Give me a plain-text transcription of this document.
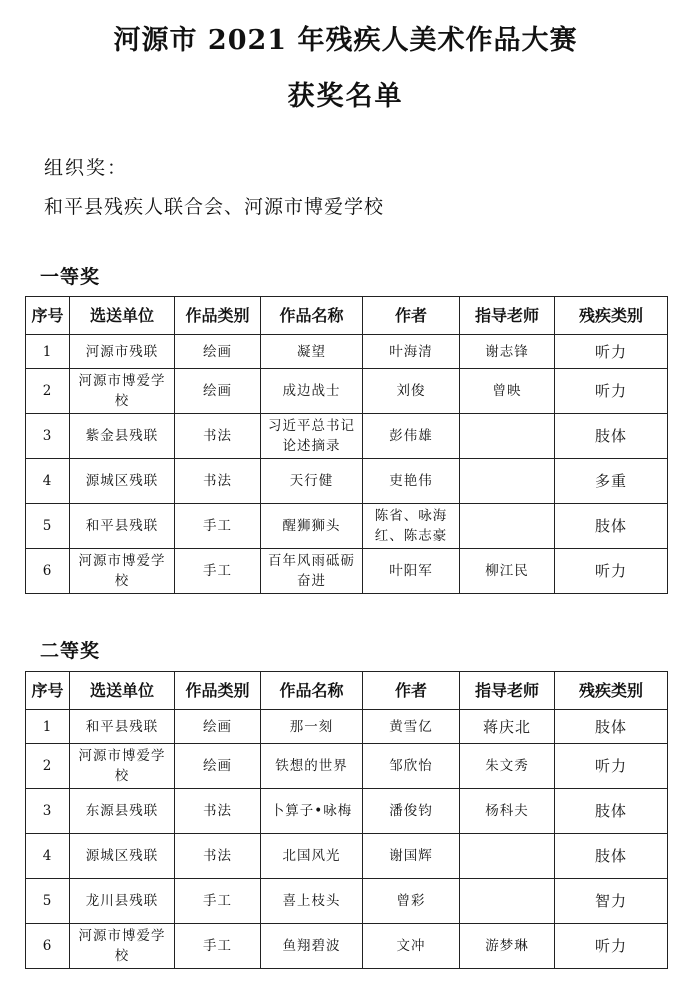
河源市 2021 年残疾人美术作品大赛
获奖名单
组织奖：
和平县残疾人联合会、河源市博爱学校
一等奖
序号	选送单位	作品类别	作品名称	作者	指导老师	残疾类别
1	河源市残联	绘画	凝望	叶海清	谢志锋	听力
2	河源市博爱学校	绘画	成边战士	刘俊	曾映	听力
3	紫金县残联	书法	习近平总书记论述摘录	彭伟雄		肢体
4	源城区残联	书法	天行健	吏艳伟		多重
5	和平县残联	手工	醒狮狮头	陈省、咏海红、陈志豪		肢体
6	河源市博爱学校	手工	百年风雨砥砺奋进	叶阳军	柳江民	听力
二等奖
序号	选送单位	作品类别	作品名称	作者	指导老师	残疾类别
1	和平县残联	绘画	那一刻	黄雪亿	蒋庆北	肢体
2	河源市博爱学校	绘画	铁想的世界	邹欣怡	朱文秀	听力
3	东源县残联	书法	卜算子•咏梅	潘俊钧	杨科夫	肢体
4	源城区残联	书法	北国风光	谢国辉		肢体
5	龙川县残联	手工	喜上枝头	曾彩		智力
6	河源市博爱学校	手工	鱼翔碧波	文冲	游梦琳	听力
